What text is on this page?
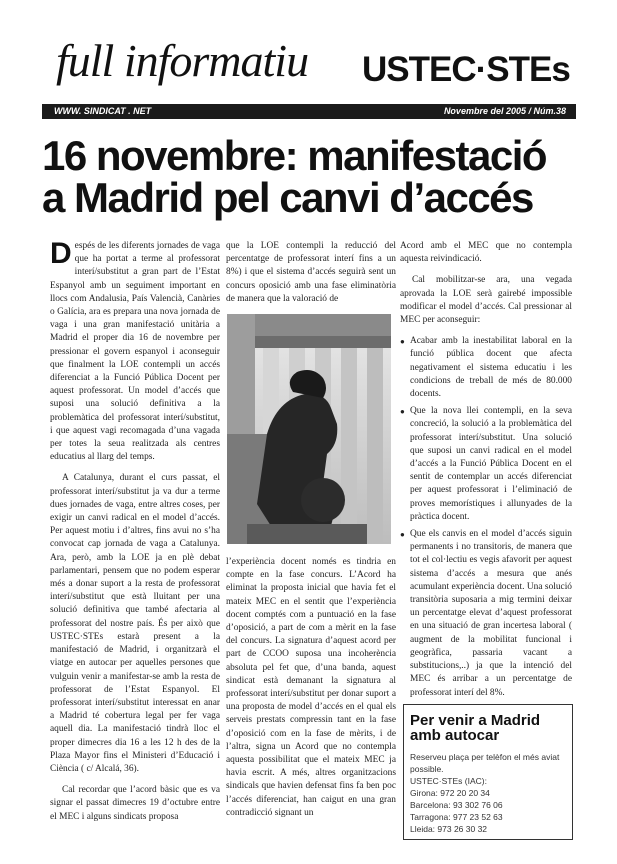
full informatiu USTEC·STEs
WWW. SINDICAT . NET	Novembre del 2005 / Núm.38
16 novembre: manifestació
a Madrid pel canvi d’accés

Despés de les diferents jornades de vaga que ha portat a terme al professorat interí/substitut a gran part de l’Estat Espanyol amb un seguiment important en llocs com Andalusia, País Valencià, Canàries o Galícia, ara es prepara una nova jornada de vaga i una gran manifestació unitària a Madrid el proper dia 16 de novembre per pressionar el govern espanyol i aconseguir que finalment la LOE contempli un accés diferenciat a la Funció Pública Docent per aquest professorat. Un model d’accés que suposi una solució definitiva a la problemàtica del professorat interí/substitut, i que aquest vagi recomagada d’una vagada per totes la seua realitzada als centres educatius al llarg del temps.

A Catalunya, durant el curs passat, el professorat interí/substitut ja va dur a terme dues jornades de vaga, entre altres coses, per exigir un canvi radical en el model d’accés. Per aquest motiu i d’altres, fins avui no s’ha convocat cap jornada de vaga a Catalunya. Ara, però, amb la LOE ja en plè debat parlamentari, pensem que no podem esperar més a donar suport a la resta de professorat interí/substitut que està lluitant per una solució definitiva que també afectaria al professorat del nostre país. És per això que USTEC·STEs estarà present a la manifestació de Madrid, i organitzarà el viatge en autocar per aquelles persones que vulguin venir a manifestar-se amb la resta de professorat de l’Estat Espanyol. El professorat interí/substitut interessat en anar a Madrid té cobertura legal per fer vaga aquell dia. La manifestació tindrà lloc el proper dimecres dia 16 a les 12 h des de la Plaza Mayor fins el Ministeri d’Educació i Ciència ( c/ Alcalá, 36).

Cal recordar que l’acord bàsic que es va signar el passat dimecres 19 d’octubre entre el MEC i alguns sindicats proposa

que la LOE contempli la reducció del percentatge de professorat interí fins a un 8%) i que el sistema d’accés seguirà sent un concurs oposició amb una fase eliminatòria de manera que la valoració de

l’experiència docent només es tindria en compte en la fase concurs. L’Acord ha eliminat la proposta inicial que havia fet el mateix MEC en el sentit que l’experiència docent comptés com a puntuació en la fase d’oposició, a part de com a mèrit en la fase del concurs. La signatura d’aquest acord per part de CCOO suposa una incoherència absoluta pel fet que, d’una banda, aquest sindicat està demanant la signatura al professorat interí/substitut per donar suport a una proposta de model d’accés en el qual els serveis prestats compressin tant en la fase d’oposició com en la fase de mèrits, i de l’altra, signa un Acord que no contempla aquesta possibilitat que el mateix MEC ja havia escrit. A més, altres organitzacions sindicals que havien defensat fins fa ben poc l’accés diferenciat, han caigut en una gran contradicció signant un

Acord amb el MEC que no contempla aquesta reivindicació.

Cal mobilitzar-se ara, una vegada aprovada la LOE serà gairebé impossible modificar el model d’accés. Cal pressionar al MEC per aconseguir:

● Acabar amb la inestabilitat laboral en la funció pública docent que afecta negativament el sistema educatiu i les condicions de treball de més de 80.000 docents.
● Que la nova llei contempli, en la seva concreció, la solució a la problemàtica del professorat interí/substitut. Una solució que suposi un canvi radical en el model d’accés a la Funció Pública Docent en el sentit de contemplar un accés diferenciat per aquest professorat i l’eliminació de proves memorístiques i allunyades de la pràctica docent.
● Que els canvis en el model d’accés siguin permanents i no transitoris, de manera que tot el col·lectiu es vegis afavorit per aquest sistema d’accés a mesura que anés acumulant experiència docent. Una solució transitòria suposaria a mig termini deixar un percentatge elevat d’aquest professorat en una situació de gran incertesa laboral ( augment de la mobilitat funcional i geogràfica, passaria vacant a substitucions,..) ja que la intenció del MEC és arribar a un percentatge de professorat interí del 8%.
Per venir a Madrid amb autocar
Reserveu plaça per telèfon el més aviat possible.
USTEC·STEs (IAC):
Girona: 972 20 20 34
Barcelona: 93 302 76 06
Tarragona: 977 23 52 63
Lleida: 973 26 30 32
